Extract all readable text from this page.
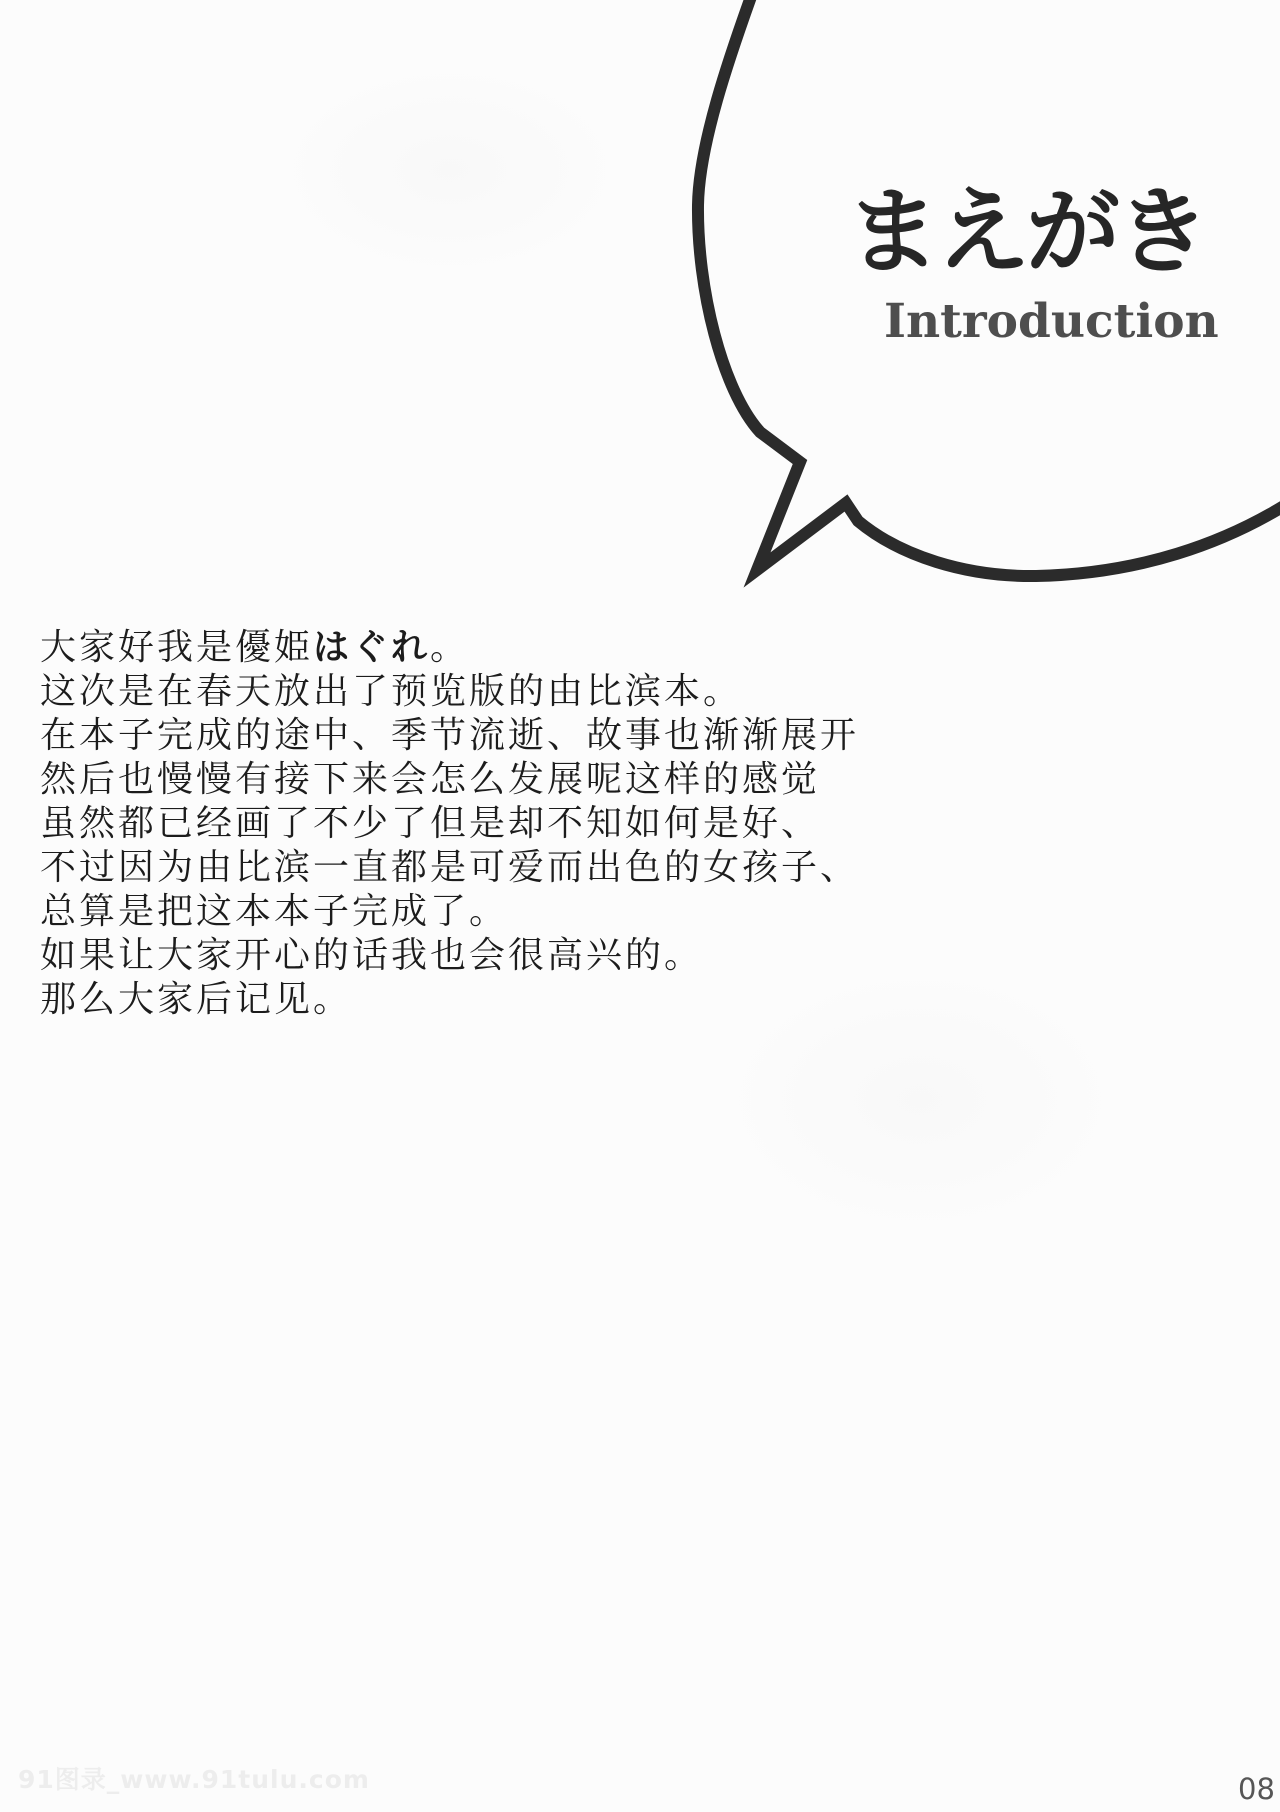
まえがき
Introduction

大家好我是優姫はぐれ。

这次是在春天放出了预览版的由比滨本。

在本子完成的途中、季节流逝、故事也渐渐展开

然后也慢慢有接下来会怎么发展呢这样的感觉

虽然都已经画了不少了但是却不知如何是好、

不过因为由比滨一直都是可爱而出色的女孩子、

总算是把这本本子完成了。

如果让大家开心的话我也会很高兴的。

那么大家后记见。

91图录_www.91tulu.com	08
